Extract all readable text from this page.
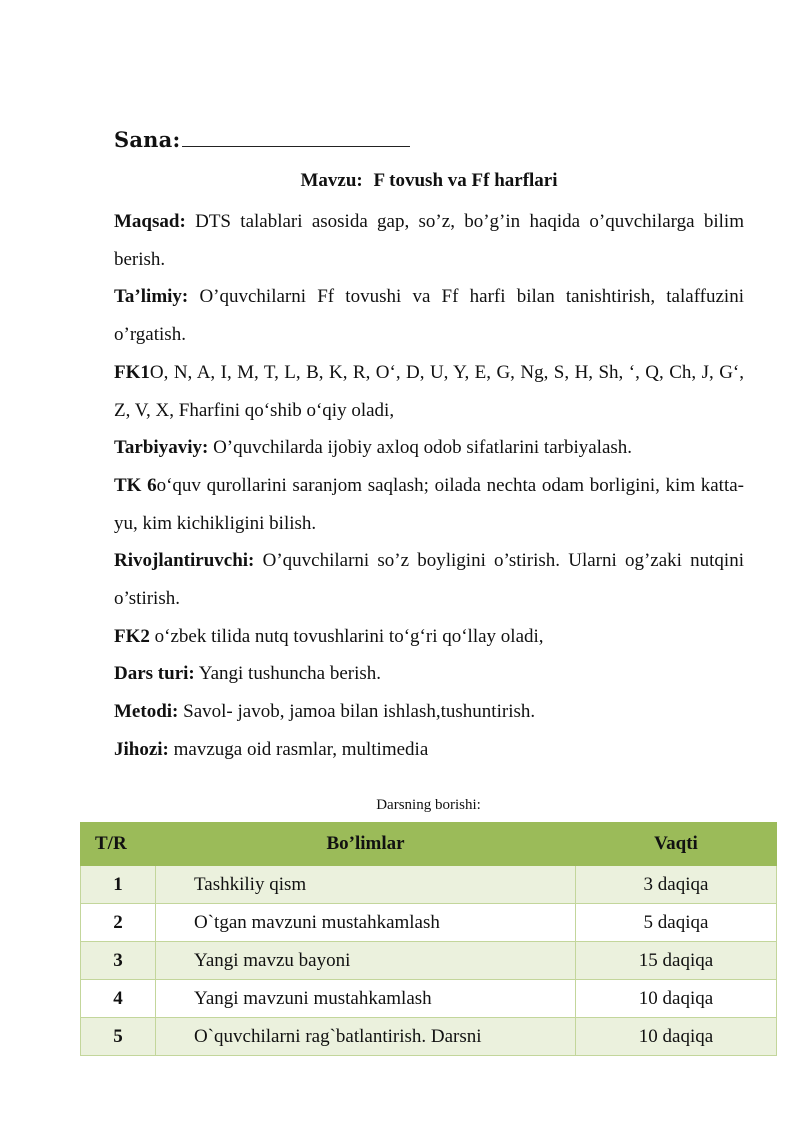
Sana:
Mavzu: F tovush va Ff harflari

Maqsad: DTS talablari asosida gap, so’z, bo’g’in haqida o’quvchilarga bilim berish.

Ta’limiy: O’quvchilarni Ff tovushi va Ff harfi bilan tanishtirish, talaffuzini o’rgatish.

FK1O, N, A, I, M, T, L, B, K, R, O‘, D, U, Y, E, G, Ng, S, H, Sh, ‘, Q, Ch, J, G‘, Z, V, X, Fharfini qo‘shib o‘qiy oladi,

Tarbiyaviy: O’quvchilarda ijobiy axloq odob sifatlarini tarbiyalash.

TK 6o‘quv qurollarini saranjom saqlash; oilada nechta odam borligini, kim katta-yu, kim kichikligini bilish.

Rivojlantiruvchi: O’quvchilarni so’z boyligini o’stirish. Ularni og’zaki nutqini o’stirish.

FK2 o‘zbek tilida nutq tovushlarini to‘g‘ri qo‘llay oladi,

Dars turi: Yangi tushuncha berish.

Metodi: Savol- javob, jamoa bilan ishlash,tushuntirish.

Jihozi: mavzuga oid rasmlar, multimedia

Darsning borishi:
T/R	Bo’limlar	Vaqti
1	Tashkiliy qism	3 daqiqa
2	O`tgan mavzuni mustahkamlash	5 daqiqa
3	Yangi mavzu bayoni	15 daqiqa
4	Yangi mavzuni mustahkamlash	10 daqiqa
5	O`quvchilarni rag`batlantirish. Darsni	10 daqiqa
